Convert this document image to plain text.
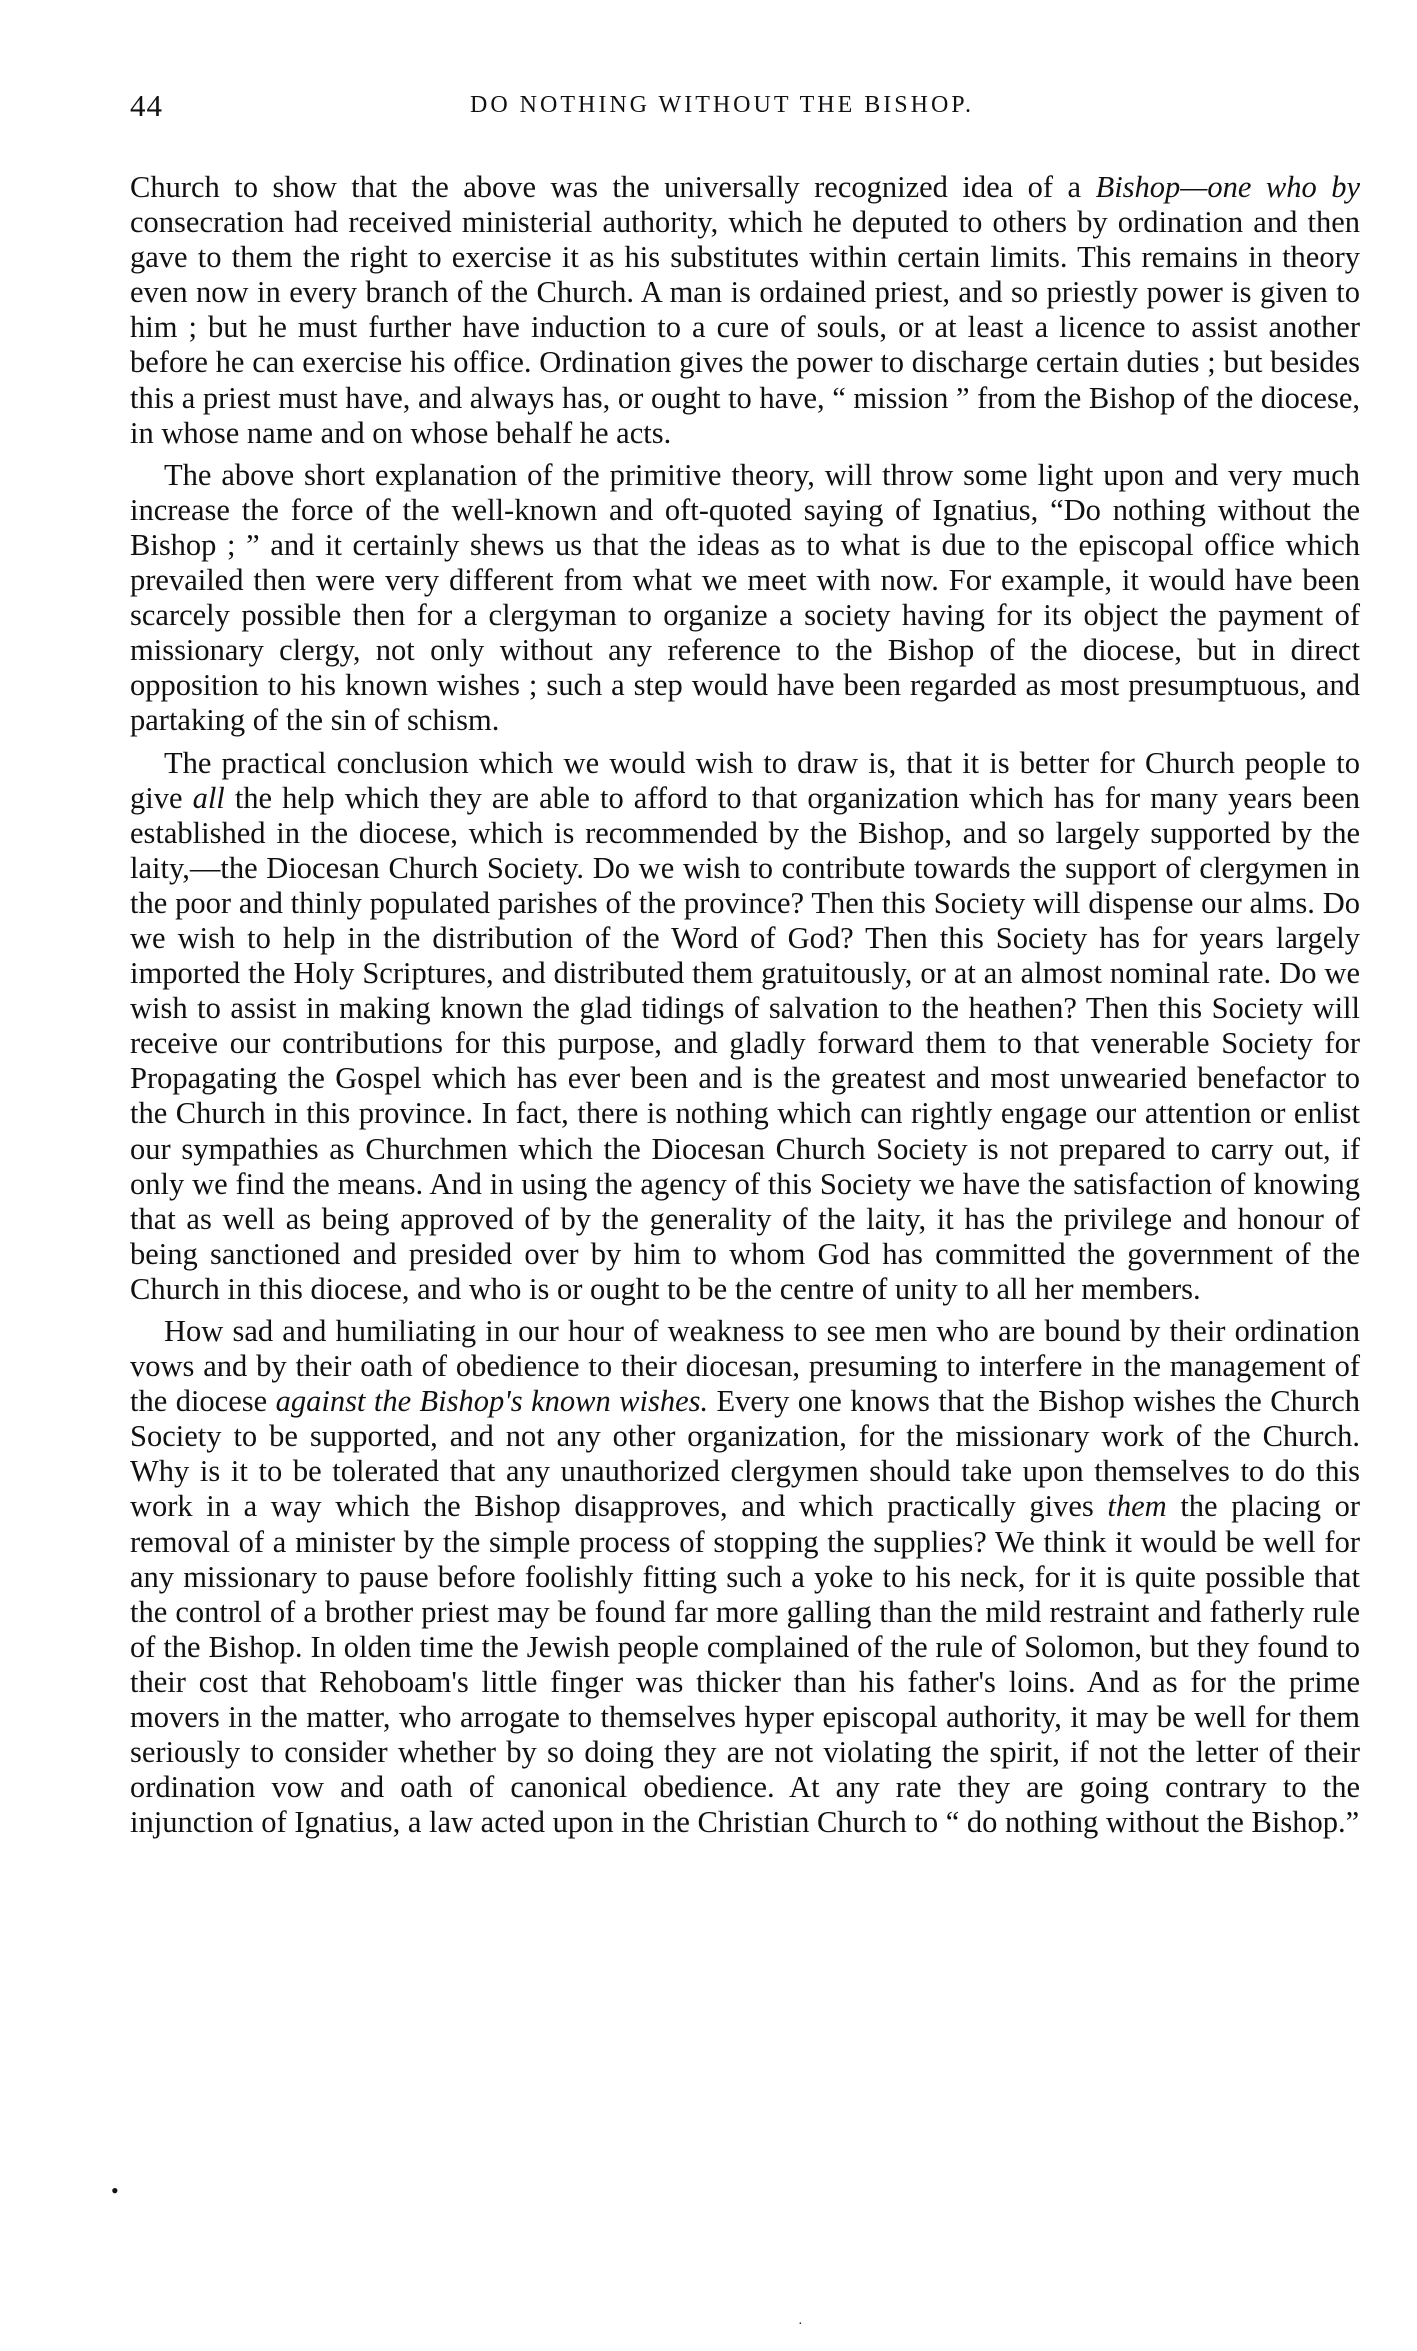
44	DO NOTHING WITHOUT THE BISHOP.

Church to show that the above was the universally recognized idea of a Bishop—one who by consecration had received ministerial authority, which he deputed to others by ordination and then gave to them the right to exercise it as his substitutes within certain limits. This remains in theory even now in every branch of the Church. A man is ordained priest, and so priestly power is given to him ; but he must further have induction to a cure of souls, or at least a licence to assist another before he can exercise his office. Ordination gives the power to discharge certain duties ; but besides this a priest must have, and always has, or ought to have, “ mission ” from the Bishop of the diocese, in whose name and on whose behalf he acts.

The above short explanation of the primitive theory, will throw some light upon and very much increase the force of the well-known and oft-quoted saying of Ignatius, “Do nothing without the Bishop ; ” and it certainly shews us that the ideas as to what is due to the episcopal office which prevailed then were very different from what we meet with now. For example, it would have been scarcely possible then for a clergyman to organize a society having for its object the payment of missionary clergy, not only without any reference to the Bishop of the diocese, but in direct opposition to his known wishes ; such a step would have been regarded as most presumptuous, and partaking of the sin of schism.

The practical conclusion which we would wish to draw is, that it is better for Church people to give all the help which they are able to afford to that organization which has for many years been established in the diocese, which is recommended by the Bishop, and so largely supported by the laity,—the Diocesan Church Society. Do we wish to contribute towards the support of clergymen in the poor and thinly populated parishes of the province? Then this Society will dispense our alms. Do we wish to help in the distribution of the Word of God? Then this Society has for years largely imported the Holy Scriptures, and distributed them gratuitously, or at an almost nominal rate. Do we wish to assist in making known the glad tidings of salvation to the heathen? Then this Society will receive our contributions for this purpose, and gladly forward them to that venerable Society for Propagating the Gospel which has ever been and is the greatest and most unwearied benefactor to the Church in this province. In fact, there is nothing which can rightly engage our attention or enlist our sympathies as Churchmen which the Diocesan Church Society is not prepared to carry out, if only we find the means. And in using the agency of this Society we have the satisfaction of knowing that as well as being approved of by the generality of the laity, it has the privilege and honour of being sanctioned and presided over by him to whom God has committed the government of the Church in this diocese, and who is or ought to be the centre of unity to all her members.

How sad and humiliating in our hour of weakness to see men who are bound by their ordination vows and by their oath of obedience to their diocesan, presuming to interfere in the management of the diocese against the Bishop's known wishes. Every one knows that the Bishop wishes the Church Society to be supported, and not any other organization, for the missionary work of the Church. Why is it to be tolerated that any unauthorized clergymen should take upon themselves to do this work in a way which the Bishop disapproves, and which practically gives them the placing or removal of a minister by the simple process of stopping the supplies? We think it would be well for any missionary to pause before foolishly fitting such a yoke to his neck, for it is quite possible that the control of a brother priest may be found far more galling than the mild restraint and fatherly rule of the Bishop. In olden time the Jewish people complained of the rule of Solomon, but they found to their cost that Rehoboam's little finger was thicker than his father's loins. And as for the prime movers in the matter, who arrogate to themselves hyper episcopal authority, it may be well for them seriously to consider whether by so doing they are not violating the spirit, if not the letter of their ordination vow and oath of canonical obedience. At any rate they are going contrary to the injunction of Ignatius, a law acted upon in the Christian Church to “ do nothing without the Bishop.”

•
·
